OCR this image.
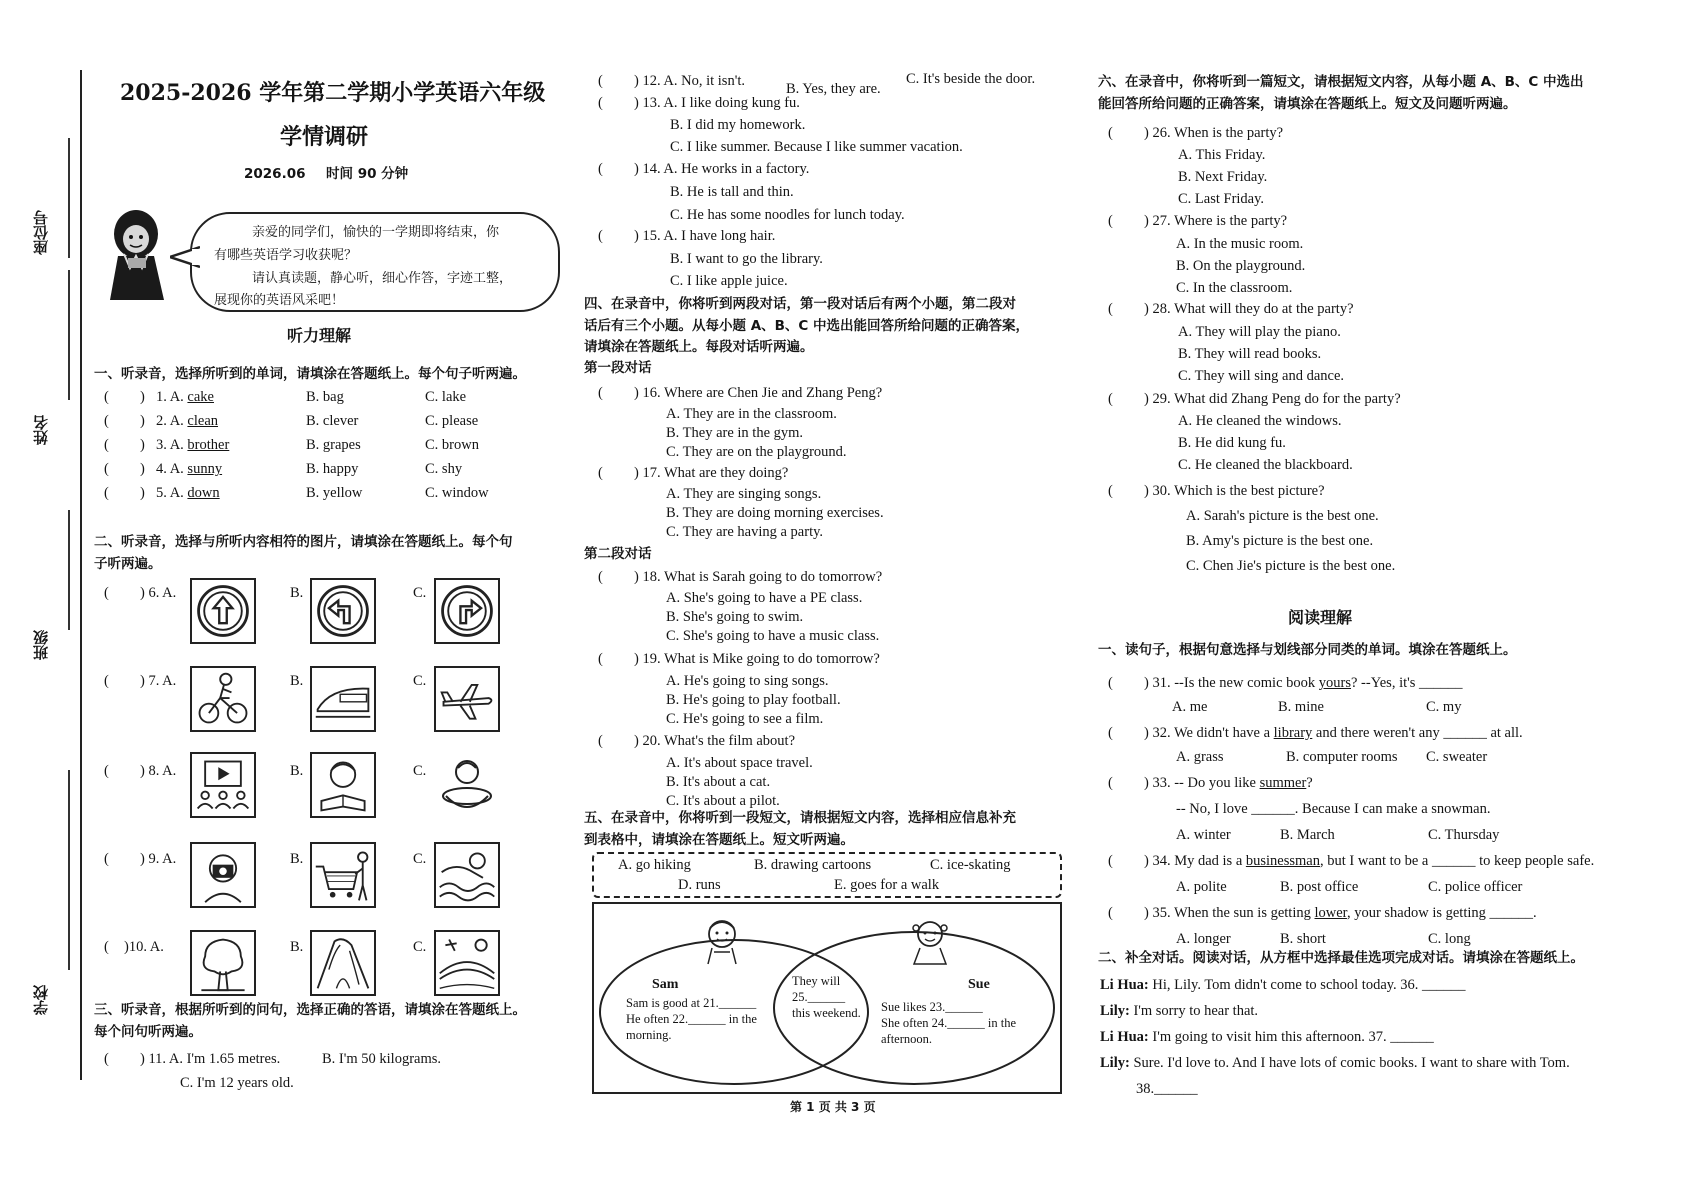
座位号
姓名
班级
学校
2025-2026 学年第二学期小学英语六年级
学情调研
2026.06 时间 90 分钟
亲爱的同学们，愉快的一学期即将结束，你
有哪些英语学习收获呢？
请认真读题，静心听，细心作答，字迹工整，
展现你的英语风采吧！
听力理解
一、听录音，选择所听到的单词，请填涂在答题纸上。每个句子听两遍。
( ) 1. A. cake	B. bag	C. lake
( ) 2. A. clean	B. clever	C. please
( ) 3. A. brother	B. grapes	C. brown
( ) 4. A. sunny	B. happy	C. shy
( ) 5. A. down	B. yellow	C. window
二、听录音，选择与所听内容相符的图片，请填涂在答题纸上。每个句
子听两遍。
( ) 6. A.	B.	C.
( ) 7. A.	B.	C.
( ) 8. A.	B.	C.
( ) 9. A.	B.	C.
( )10. A.	B.	C.
三、听录音，根据所听到的问句，选择正确的答语，请填涂在答题纸上。
每个问句听两遍。
( ) 11. A. I'm 1.65 metres.	B. I'm 50 kilograms.
C. I'm 12 years old.
( ) 12. A. No, it isn't.	B. Yes, they are.
C. It's beside the door.
( ) 13. A. I like doing kung fu.
B. I did my homework.
C. I like summer. Because I like summer vacation.
( ) 14. A. He works in a factory.
B. He is tall and thin.
C. He has some noodles for lunch today.
( ) 15. A. I have long hair.
B. I want to go the library.
C. I like apple juice.
四、在录音中，你将听到两段对话，第一段对话后有两个小题，第二段对
话后有三个小题。从每小题 A、B、C 中选出能回答所给问题的正确答案，
请填涂在答题纸上。每段对话听两遍。
第一段对话
( ) 16. Where are Chen Jie and Zhang Peng?
A. They are in the classroom.
B. They are in the gym.
C. They are on the playground.
( ) 17. What are they doing?
A. They are singing songs.
B. They are doing morning exercises.
C. They are having a party.
第二段对话
( ) 18. What is Sarah going to do tomorrow?
A. She's going to have a PE class.
B. She's going to swim.
C. She's going to have a music class.
( ) 19. What is Mike going to do tomorrow?
A. He's going to sing songs.
B. He's going to play football.
C. He's going to see a film.
( ) 20. What's the film about?
A. It's about space travel.
B. It's about a cat.
C. It's about a pilot.
五、在录音中，你将听到一段短文，请根据短文内容，选择相应信息补充
到表格中，请填涂在答题纸上。短文听两遍。
A. go hiking	B. drawing cartoons	C. ice-skating
D. runs	E. goes for a walk
Sam	Sue
Sam is good at 21.______
He often 22.______ in the
morning.
They will
25.______
this weekend. Sue likes 23.______
She often 24.______ in the
afternoon.
第 1 页 共 3 页
六、在录音中，你将听到一篇短文，请根据短文内容，从每小题 A、B、C 中选出
能回答所给问题的正确答案，请填涂在答题纸上。短文及问题听两遍。
( ) 26. When is the party?
A. This Friday.
B. Next Friday.
C. Last Friday.
( ) 27. Where is the party?
A. In the music room.
B. On the playground.
C. In the classroom.
( ) 28. What will they do at the party?
A. They will play the piano.
B. They will read books.
C. They will sing and dance.
( ) 29. What did Zhang Peng do for the party?
A. He cleaned the windows.
B. He did kung fu.
C. He cleaned the blackboard.
( ) 30. Which is the best picture?
A. Sarah's picture is the best one.
B. Amy's picture is the best one.
C. Chen Jie's picture is the best one.
阅读理解
一、读句子，根据句意选择与划线部分同类的单词。填涂在答题纸上。
( ) 31. --Is the new comic book yours? --Yes, it's ______
A. me	B. mine	C. my
( ) 32. We didn't have a library and there weren't any ______ at all.
A. grass	B. computer rooms C. sweater
( ) 33. -- Do you like summer?
-- No, I love ______. Because I can make a snowman.
A. winter	B. March	C. Thursday
( ) 34. My dad is a businessman, but I want to be a ______ to keep people safe.
A. polite	B. post office	C. police officer
( ) 35. When the sun is getting lower, your shadow is getting ______.
A. longer	B. short	C. long
二、补全对话。阅读对话，从方框中选择最佳选项完成对话。请填涂在答题纸上。
Li Hua: Hi, Lily. Tom didn't come to school today. 36. ______
Lily: I'm sorry to hear that.
Li Hua: I'm going to visit him this afternoon. 37. ______
Lily: Sure. I'd love to. And I have lots of comic books. I want to share with Tom.
38.______
